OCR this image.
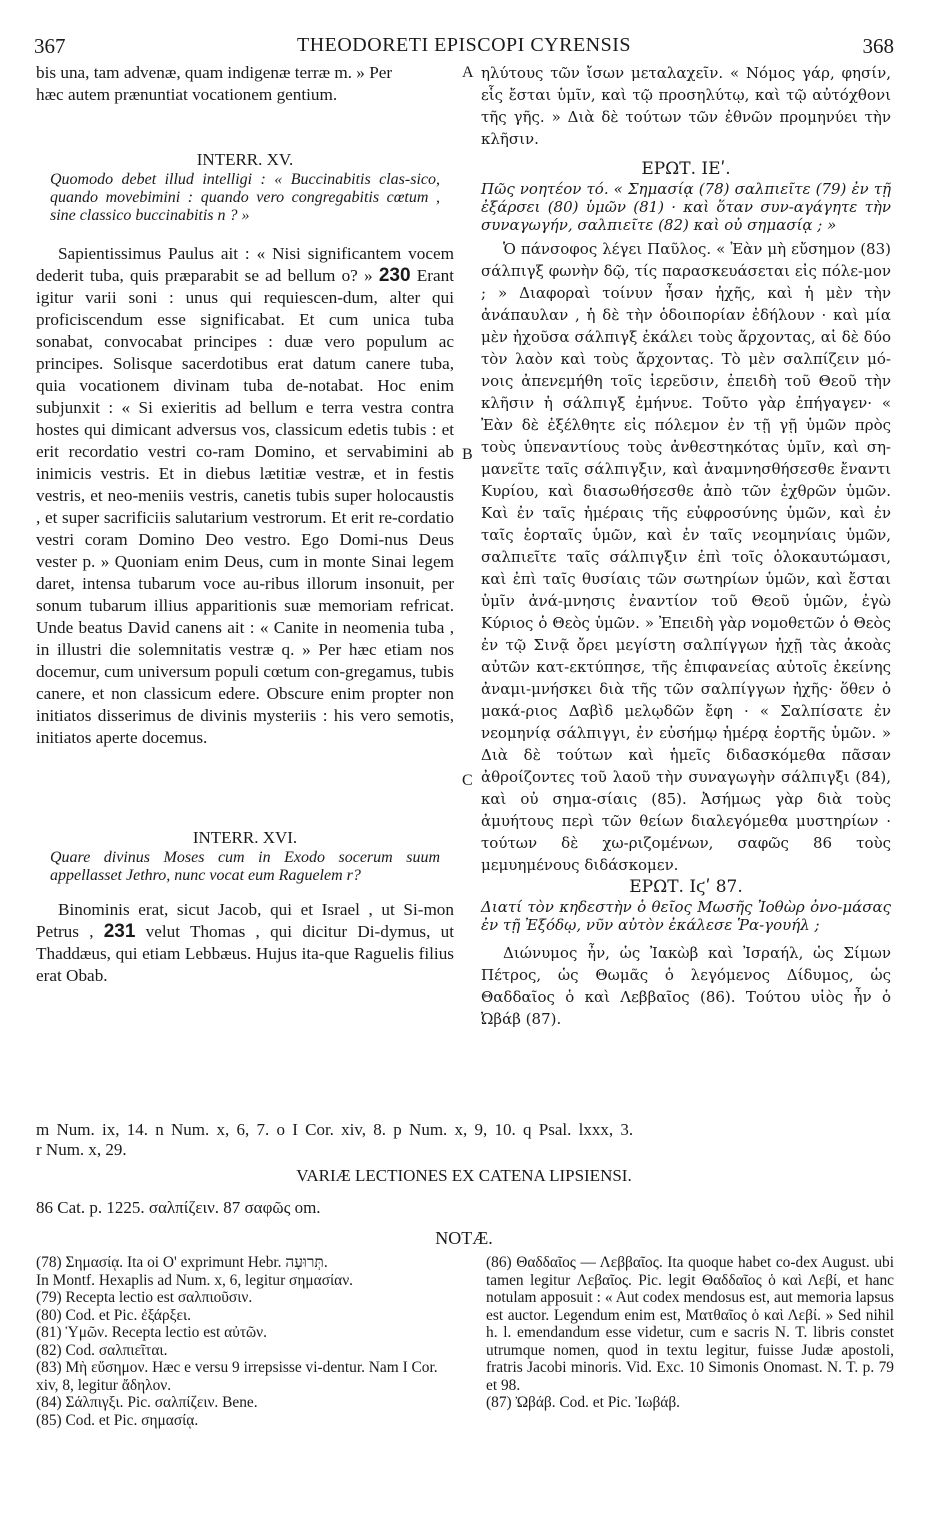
367	THEODORETI EPISCOPI CYRENSIS	368
A
B
C

bis una, tam advenæ, quam indigenæ terræ m. » Per

hæc autem prænuntiat vocationem gentium.

INTERR. XV.

Quomodo debet illud intelligi : « Buccinabitis clas-sico, quando movebimini : quando vero congregabitis cœtum , sine classico buccinabitis n ? »

Sapientissimus Paulus ait : « Nisi significantem vocem dederit tuba, quis præparabit se ad bellum o? » 230 Erant igitur varii soni : unus qui requiescen-dum, alter qui proficiscendum esse significabat. Et cum unica tuba sonabat, convocabat principes : duæ vero populum ac principes. Solisque sacerdotibus erat datum canere tuba, quia vocationem divinam tuba de-notabat. Hoc enim subjunxit : « Si exieritis ad bellum e terra vestra contra hostes qui dimicant adversus vos, classicum edetis tubis : et erit recordatio vestri co-ram Domino, et servabimini ab inimicis vestris. Et in diebus lætitiæ vestræ, et in festis vestris, et neo-meniis vestris, canetis tubis super holocaustis , et super sacrificiis salutarium vestrorum. Et erit re-cordatio vestri coram Domino Deo vestro. Ego Domi-nus Deus vester p. » Quoniam enim Deus, cum in monte Sinai legem daret, intensa tubarum voce au-ribus illorum insonuit, per sonum tubarum illius apparitionis suæ memoriam refricat. Unde beatus David canens ait : « Canite in neomenia tuba , in illustri die solemnitatis vestræ q. » Per hæc etiam nos docemur, cum universum populi cœtum con-gregamus, tubis canere, et non classicum edere. Obscure enim propter non initiatos disserimus de divinis mysteriis : his vero semotis, initiatos aperte docemus.

INTERR. XVI.

Quare divinus Moses cum in Exodo socerum suum appellasset Jethro, nunc vocat eum Raguelem r?

Binominis erat, sicut Jacob, qui et Israel , ut Si-mon Petrus , 231 velut Thomas , qui dicitur Di-dymus, ut Thaddæus, qui etiam Lebbæus. Hujus ita-que Raguelis filius erat Obab.

ηλύτους τῶν ἴσων μεταλαχεῖν. « Νόμος γάρ, φησίν, εἷς ἔσται ὑμῖν, καὶ τῷ προσηλύτῳ, καὶ τῷ αὐτόχθονι τῆς γῆς. » Διὰ δὲ τούτων τῶν ἐθνῶν προμηνύει τὴν κλῆσιν.

ΕΡΩΤ. ΙΕʹ.

Πῶς νοητέον τό. « Σημασίᾳ (78) σαλπιεῖτε (79) ἐν τῇ ἐξάρσει (80) ὑμῶν (81) · καὶ ὅταν συν-αγάγητε τὴν συναγωγήν, σαλπιεῖτε (82) καὶ οὐ σημασίᾳ ; »

Ὁ πάνσοφος λέγει Παῦλος. « Ἐὰν μὴ εὔσημον (83) σάλπιγξ φωνὴν δῷ, τίς παρασκευάσεται εἰς πόλε-μον ; » Διαφοραὶ τοίνυν ἦσαν ἠχῆς, καὶ ἡ μὲν τὴν ἀνάπαυλαν , ἡ δὲ τὴν ὁδοιπορίαν ἐδήλουν · καὶ μία μὲν ἠχοῦσα σάλπιγξ ἐκάλει τοὺς ἄρχοντας, αἱ δὲ δύο τὸν λαὸν καὶ τοὺς ἄρχοντας. Τὸ μὲν σαλπίζειν μό-νοις ἀπενεμήθη τοῖς ἱερεῦσιν, ἐπειδὴ τοῦ Θεοῦ τὴν κλῆσιν ἡ σάλπιγξ ἐμήνυε. Τοῦτο γὰρ ἐπήγαγεν· « Ἐὰν δὲ ἐξέλθητε εἰς πόλεμον ἐν τῇ γῇ ὑμῶν πρὸς τοὺς ὑπεναντίους τοὺς ἀνθεστηκότας ὑμῖν, καὶ ση-μανεῖτε ταῖς σάλπιγξιν, καὶ ἀναμνησθήσεσθε ἔναντι Κυρίου, καὶ διασωθήσεσθε ἀπὸ τῶν ἐχθρῶν ὑμῶν. Καὶ ἐν ταῖς ἡμέραις τῆς εὐφροσύνης ὑμῶν, καὶ ἐν ταῖς ἑορταῖς ὑμῶν, καὶ ἐν ταῖς νεομηνίαις ὑμῶν, σαλπιεῖτε ταῖς σάλπιγξιν ἐπὶ τοῖς ὁλοκαυτώμασι, καὶ ἐπὶ ταῖς θυσίαις τῶν σωτηρίων ὑμῶν, καὶ ἔσται ὑμῖν ἀνά-μνησις ἐναντίον τοῦ Θεοῦ ὑμῶν, ἐγὼ Κύριος ὁ Θεὸς ὑμῶν. » Ἐπειδὴ γὰρ νομοθετῶν ὁ Θεὸς ἐν τῷ Σινᾷ ὄρει μεγίστη σαλπίγγων ἠχῇ τὰς ἀκοὰς αὐτῶν κατ-εκτύπησε, τῆς ἐπιφανείας αὐτοῖς ἐκείνης ἀναμι-μνήσκει διὰ τῆς τῶν σαλπίγγων ἠχῆς· ὅθεν ὁ μακά-ριος Δαβὶδ μελῳδῶν ἔφη · « Σαλπίσατε ἐν νεομηνίᾳ σάλπιγγι, ἐν εὐσήμῳ ἡμέρᾳ ἑορτῆς ὑμῶν. » Διὰ δὲ τούτων καὶ ἡμεῖς διδασκόμεθα πᾶσαν ἀθροίζοντες τοῦ λαοῦ τὴν συναγωγὴν σάλπιγξι (84), καὶ οὐ σημα-σίαις (85). Ἀσήμως γὰρ διὰ τοὺς ἀμυήτους περὶ τῶν θείων διαλεγόμεθα μυστηρίων · τούτων δὲ χω-ριζομένων, σαφῶς 86 τοὺς μεμυημένους διδάσκομεν.

ΕΡΩΤ. Ιϛʹ 87.

Διατί τὸν κηδεστὴν ὁ θεῖος Μωσῆς Ἰοθὼρ ὀνο-μάσας ἐν τῇ Ἐξόδῳ, νῦν αὐτὸν ἐκάλεσε Ῥα-γουήλ ;

Διώνυμος ἦν, ὡς Ἰακὼβ καὶ Ἰσραήλ, ὡς Σίμων Πέτρος, ὡς Θωμᾶς ὁ λεγόμενος Δίδυμος, ὡς Θαδδαῖος ὁ καὶ Λεββαῖος (86). Τούτου υἱὸς ἦν ὁ Ὠβάβ (87).

m Num. ix, 14. n Num. x, 6, 7. o I Cor. xiv, 8. p Num. x, 9, 10. q Psal. lxxx, 3.
r Num. x, 29.
VARIÆ LECTIONES EX CATENA LIPSIENSI.
86 Cat. p. 1225. σαλπίζειν. 87 σαφῶς om.
NOTÆ.

(78) Σημασίᾳ. Ita oi O' exprimunt Hebr. תְּרוּעָה.

In Montf. Hexaplis ad Num. x, 6, legitur σημασίαν.

(79) Recepta lectio est σαλπιοῦσιν.

(80) Cod. et Pic. ἐξάρξει.

(81) Ὑμῶν. Recepta lectio est αὐτῶν.

(82) Cod. σαλπιεῖται.

(83) Μὴ εὔσημον. Hæc e versu 9 irrepsisse vi-dentur. Nam I Cor. xiv, 8, legitur ἄδηλον.

(84) Σάλπιγξι. Pic. σαλπίζειν. Bene.

(85) Cod. et Pic. σημασίᾳ.

(86) Θαδδαῖος — Λεββαῖος. Ita quoque habet co-dex August. ubi tamen legitur Λεβαῖος. Pic. legit Θαδδαῖος ὁ καὶ Λεβί, et hanc notulam apposuit : « Aut codex mendosus est, aut memoria lapsus est auctor. Legendum enim est, Ματθαῖος ὁ καὶ Λεβί. » Sed nihil h. l. emendandum esse videtur, cum e sacris N. T. libris constet utrumque nomen, quod in textu legitur, fuisse Judæ apostoli, fratris Jacobi minoris. Vid. Exc. 10 Simonis Onomast. N. T. p. 79 et 98.

(87) Ὠβάβ. Cod. et Pic. Ἰωβάβ.
